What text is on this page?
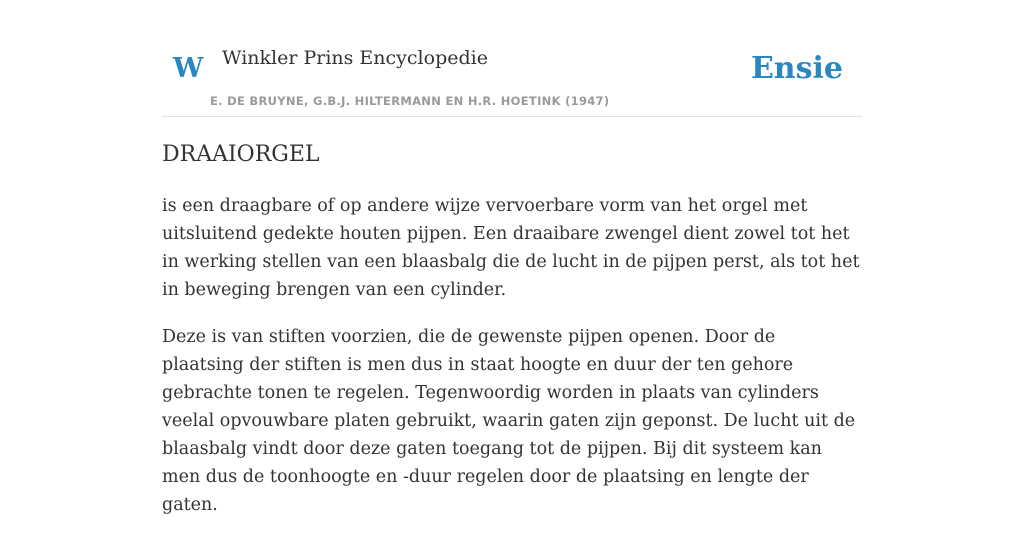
W Winkler Prins Encyclopedie
E. DE BRUYNE, G.B.J. HILTERMANN EN H.R. HOETINK (1947)
Ensie
DRAAIORGEL

is een draagbare of op andere wijze vervoerbare vorm van het orgel met uitsluitend gedekte houten pijpen. Een draaibare zwengel dient zowel tot het in werking stellen van een blaasbalg die de lucht in de pijpen perst, als tot het in beweging brengen van een cylinder.

Deze is van stiften voorzien, die de gewenste pijpen openen. Door de plaatsing der stiften is men dus in staat hoogte en duur der ten gehore gebrachte tonen te regelen. Tegenwoordig worden in plaats van cylinders veelal opvouwbare platen gebruikt, waarin gaten zijn geponst. De lucht uit de blaasbalg vindt door deze gaten toegang tot de pijpen. Bij dit systeem kan men dus de toonhoogte en -duur regelen door de plaatsing en lengte der gaten.
